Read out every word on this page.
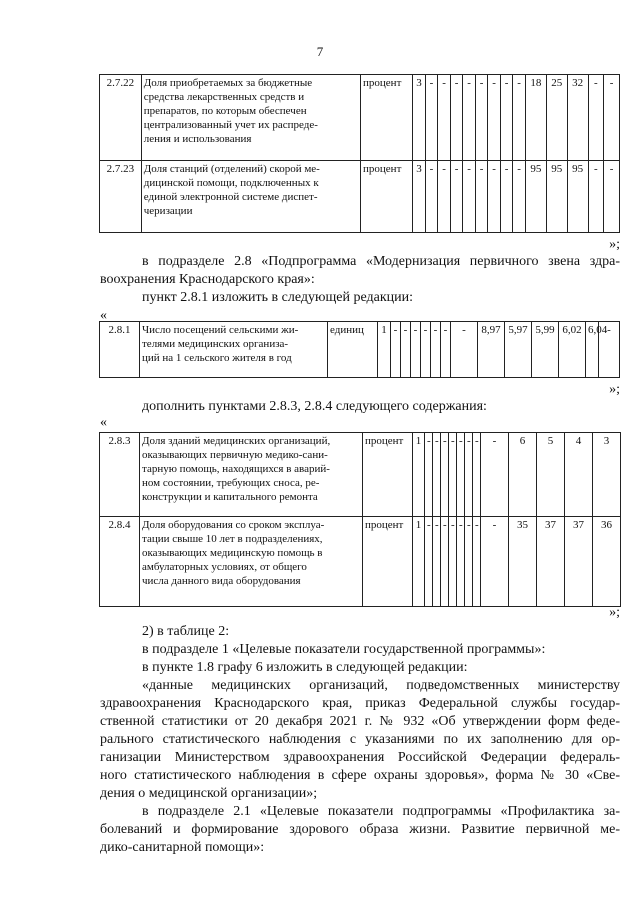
7
2.7.22	Доля приобретаемых за бюджетные
средства лекарственных средств и
препаратов, по которым обеспечен
централизованный учет их распреде-
ления и использования	процент	3	-	-	-	-	-	-	-	-	18	25	32	-	-

2.7.23	Доля станций (отделений) скорой ме-
дицинской помощи, подключенных к
единой электронной системе диспет-
черизации	процент	3	-	-	-	-	-	-	-	-	95	95	95	-	-

»;
в подразделе 2.8 «Подпрограмма «Модернизация первичного звена здра-
воохранения Краснодарского края»:
пункт 2.8.1 изложить в следующей редакции:
«
2.8.1	Число посещений сельскими жи-
телями медицинских организа-
ций на 1 сельского жителя в год
	единиц	1	-	-	-	-	-	-	-	8,97	5,97	5,99	6,02	6,04	-

»;
дополнить пунктами 2.8.3, 2.8.4 следующего содержания:
«
2.8.3	Доля зданий медицинских организаций,
оказывающих первичную медико-сани-
тарную помощь, находящихся в аварий-
ном состоянии, требующих сноса, ре-
конструкции и капитального ремонта	процент	1	-	-	-	-	-	-	-	-	6	5	4	3	

2.8.4	Доля оборудования со сроком эксплуа-
тации свыше 10 лет в подразделениях,
оказывающих медицинскую помощь в
амбулаторных условиях, от общего
числа данного вида оборудования	процент	1	-	-	-	-	-	-	-	-	35	37	37	36	

»;
2) в таблице 2:
в подразделе 1 «Целевые показатели государственной программы»:
в пункте 1.8 графу 6 изложить в следующей редакции:
«данные медицинских организаций, подведомственных министерству
здравоохранения Краснодарского края, приказ Федеральной службы государ-
ственной статистики от 20 декабря 2021 г. № 932 «Об утверждении форм феде-
рального статистического наблюдения с указаниями по их заполнению для ор-
ганизации Министерством здравоохранения Российской Федерации федераль-
ного статистического наблюдения в сфере охраны здоровья», форма № 30 «Све-
дения о медицинской организации»;
в подразделе 2.1 «Целевые показатели подпрограммы «Профилактика за-
болеваний и формирование здорового образа жизни. Развитие первичной ме-
дико-санитарной помощи»:
